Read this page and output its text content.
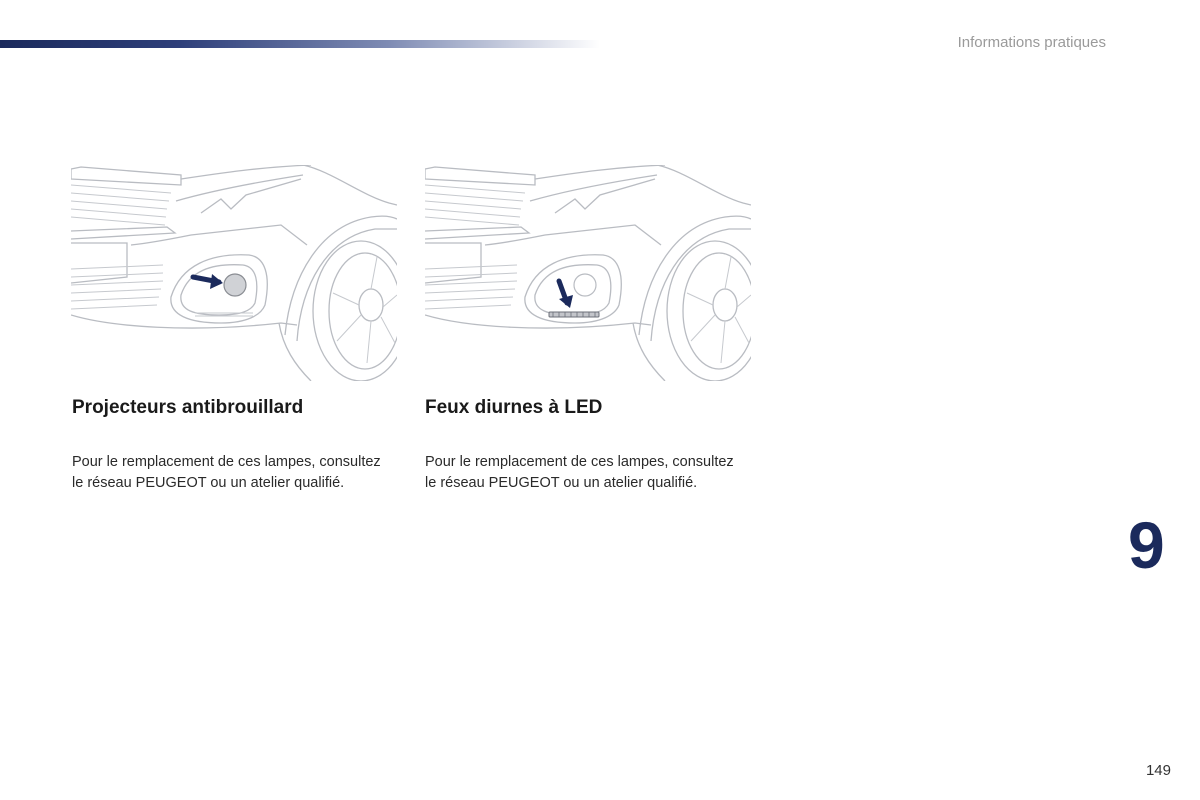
Informations pratiques
Projecteurs antibrouillard

Pour le remplacement de ces lampes, consultez le réseau PEUGEOT ou un atelier qualifié.

Feux diurnes à LED

Pour le remplacement de ces lampes, consultez le réseau PEUGEOT ou un atelier qualifié.

9
149
